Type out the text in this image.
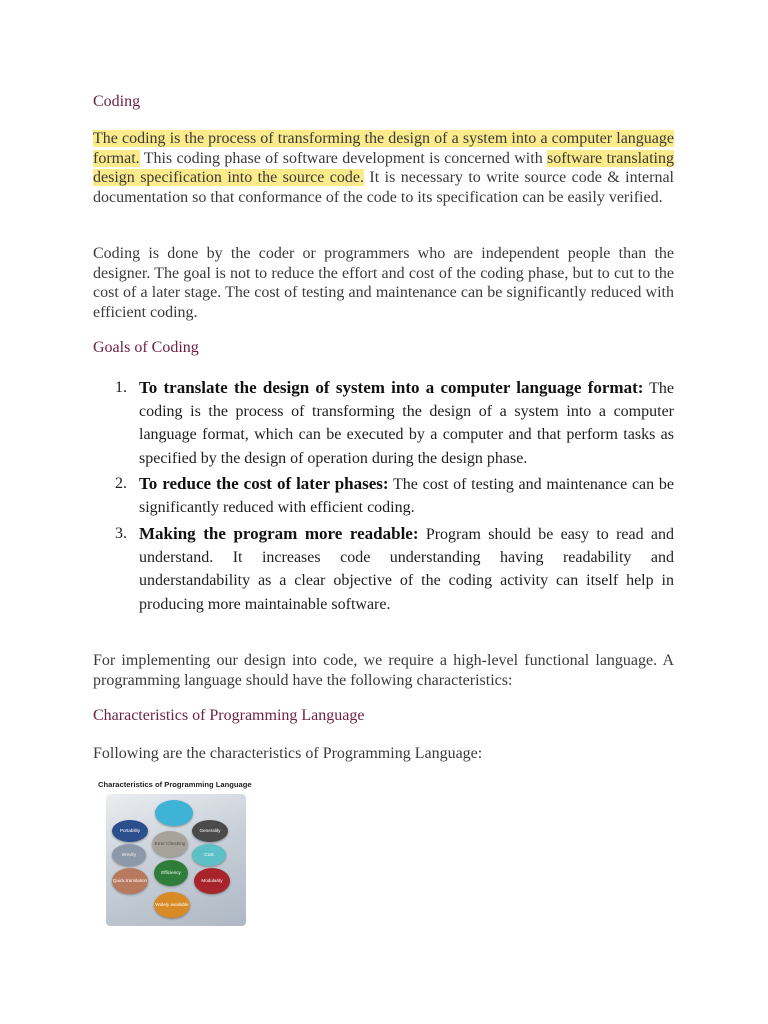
Coding

The coding is the process of transforming the design of a system into a computer language format. This coding phase of software development is concerned with software translating design specification into the source code. It is necessary to write source code & internal documentation so that conformance of the code to its specification can be easily verified.

Coding is done by the coder or programmers who are independent people than the designer. The goal is not to reduce the effort and cost of the coding phase, but to cut to the cost of a later stage. The cost of testing and maintenance can be significantly reduced with efficient coding.

Goals of Coding
1. To translate the design of system into a computer language format: The coding is the process of transforming the design of a system into a computer language format, which can be executed by a computer and that perform tasks as specified by the design of operation during the design phase.
2. To reduce the cost of later phases: The cost of testing and maintenance can be significantly reduced with efficient coding.
3. Making the program more readable: Program should be easy to read and understand. It increases code understanding having readability and understandability as a clear objective of the coding activity can itself help in producing more maintainable software.

For implementing our design into code, we require a high-level functional language. A programming language should have the following characteristics:

Characteristics of Programming Language

Following are the characteristics of Programming Language:

Characteristics of Programming Language
Portability	Generality
Brevity
Error Checking
Cost
Quick translation
Efficiency
Modularity
Widely available
